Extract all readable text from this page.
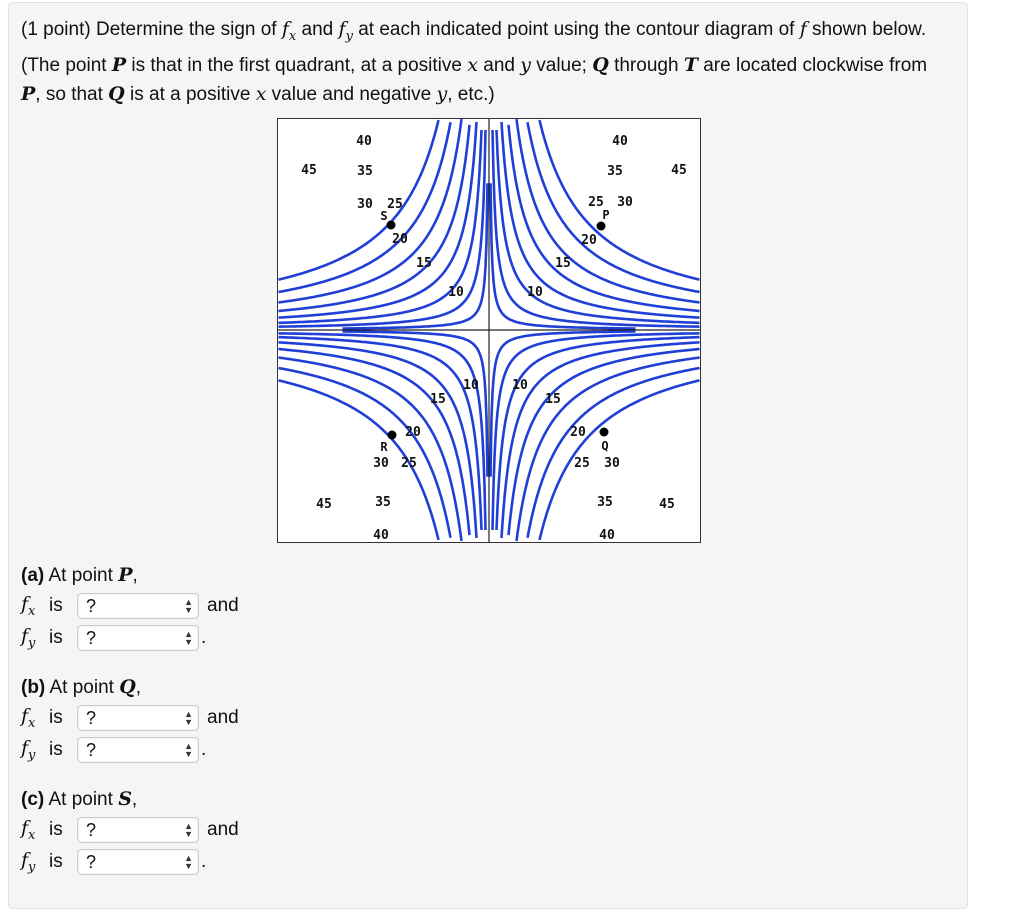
(1 point) Determine the sign of $f_x$ and $f_y$ at each indicated point using the contour diagram of f shown below. (The point P is that in the first quadrant, at a positive x and y value; Q through T are located clockwise from P, so that Q is at a positive x value and negative y, etc.)
40
35
30 25
20
15
10
45
40
35
25 30
20
15
10
45
10
15
20
30 25
35
45
40
10
15
20
25 30
35	45
40
P
Q
R
S
(a) At point P,
$f_x$ is	?	▲
▼ and
$f_y$ is	?	▲
▼ .
(b) At point Q,
$f_x$ is	?	▲
▼ and
$f_y$ is	?	▲
▼ .
(c) At point S,
$f_x$ is	?	▲
▼ and
$f_y$ is	?	▲
▼ .
